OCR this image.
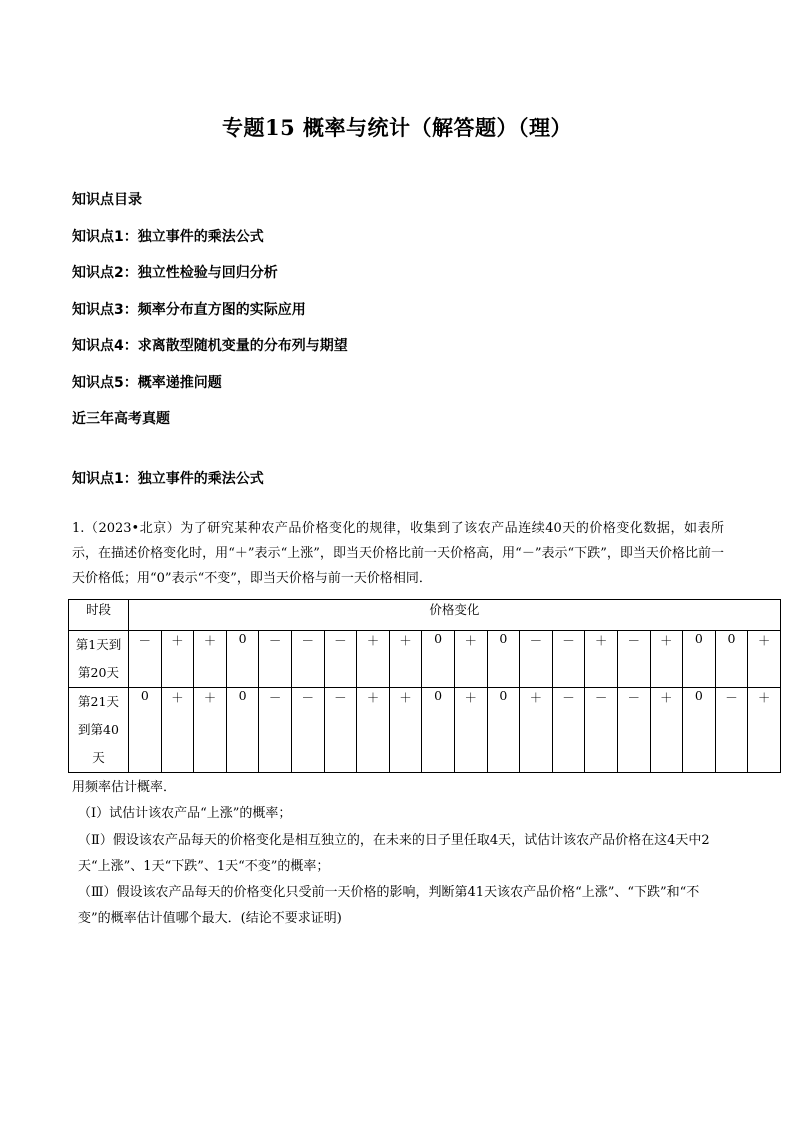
专题15 概率与统计（解答题）（理）
知识点目录
知识点1：独立事件的乘法公式
知识点2：独立性检验与回归分析
知识点3：频率分布直方图的实际应用
知识点4：求离散型随机变量的分布列与期望
知识点5：概率递推问题
近三年高考真题
知识点1：独立事件的乘法公式
1.（2023•北京）为了研究某种农产品价格变化的规律，收集到了该农产品连续40天的价格变化数据，如表所示，在描述价格变化时，用“＋”表示“上涨”，即当天价格比前一天价格高，用“－”表示“下跌”，即当天价格比前一天价格低；用“0”表示“不变”，即当天价格与前一天价格相同．
时段	价格变化																			

第1天到
第20天	－	＋	＋	0	－	－	－	＋	＋	0	＋	0	－	－	＋	－	＋	0	0	＋

第21天
到第40
天	0	＋	＋	0	－	－	－	＋	＋	0	＋	0	＋	－	－	－	＋	0	－	＋

用频率估计概率．

（Ⅰ）试估计该农产品“上涨”的概率；

（Ⅱ）假设该农产品每天的价格变化是相互独立的，在未来的日子里任取4天，试估计该农产品价格在这4天中2天“上涨”、1天“下跌”、1天“不变”的概率；

（Ⅲ）假设该农产品每天的价格变化只受前一天价格的影响，判断第41天该农产品价格“上涨”、“下跌”和“不变”的概率估计值哪个最大．(结论不要求证明)
